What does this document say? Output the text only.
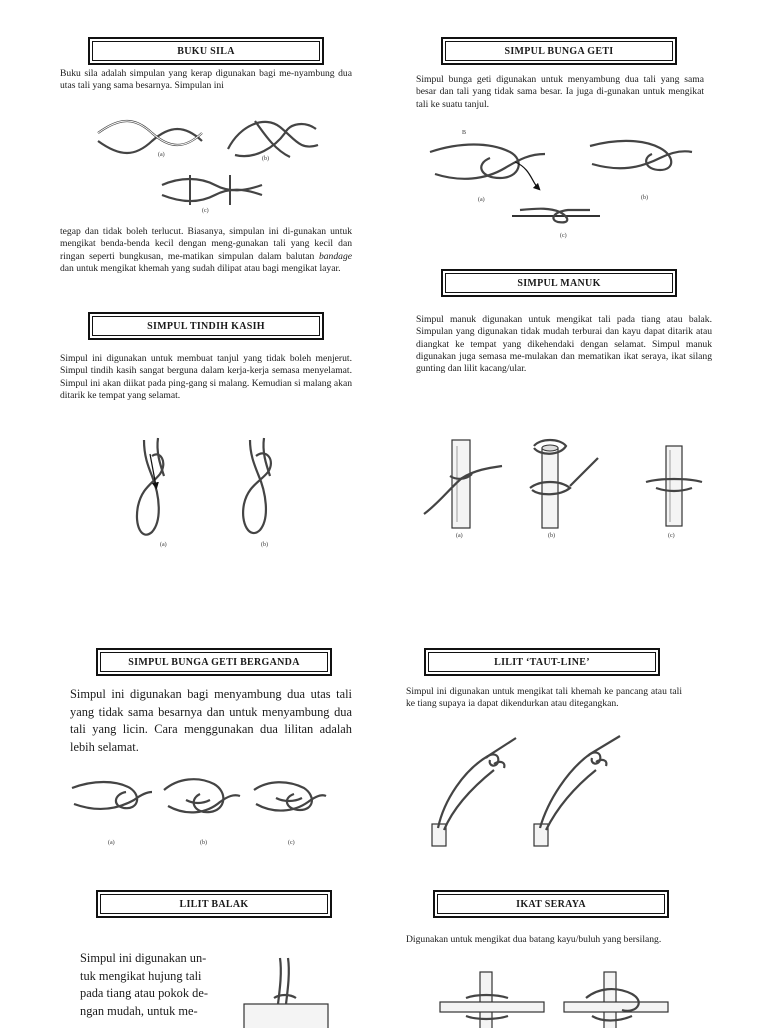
BUKU SILA

Buku sila adalah simpulan yang kerap digunakan bagi me-nyambung dua utas tali yang sama besarnya. Simpulan ini

(a)
(b)
(c)

tegap dan tidak boleh terlucut. Biasanya, simpulan ini di-gunakan untuk mengikat benda-benda kecil dengan meng-gunakan tali yang kecil dan ringan seperti bungkusan, me-matikan simpulan dalam balutan bandage dan untuk mengikat khemah yang sudah dilipat atau bagi mengikat layar.

SIMPUL BUNGA GETI

Simpul bunga geti digunakan untuk menyambung dua tali yang sama besar dan tali yang tidak sama besar. Ia juga di-gunakan untuk mengikat tali ke suatu tanjul.

B
(a)	(b)
(c)
SIMPUL TINDIH KASIH

Simpul ini digunakan untuk membuat tanjul yang tidak boleh menjerut. Simpul tindih kasih sangat berguna dalam kerja-kerja semasa menyelamat. Simpul ini akan diikat pada ping-gang si malang. Kemudian si malang akan ditarik ke tempat yang selamat.

(a)	(b)
SIMPUL MANUK

Simpul manuk digunakan untuk mengikat tali pada tiang atau balak. Simpulan yang digunakan tidak mudah terburai dan kayu dapat ditarik atau diangkat ke tempat yang dikehendaki dengan selamat. Simpul manuk digunakan juga semasa me-mulakan dan mematikan ikat seraya, ikat silang gunting dan lilit kacang/ular.

(a)	(b)	(c)
SIMPUL BUNGA GETI BERGANDA

Simpul ini digunakan bagi menyambung dua utas tali yang tidak sama besarnya dan untuk menyambung dua tali yang licin. Cara menggunakan dua lilitan adalah lebih selamat.

(a)	(b)	(c)
LILIT ‘TAUT-LINE’

Simpul ini digunakan untuk mengikat tali khemah ke pancang atau tali ke tiang supaya ia dapat dikendurkan atau ditegangkan.

LILIT BALAK

Simpul ini digunakan un-tuk mengikat hujung tali pada tiang atau pokok de-ngan mudah, untuk me-

IKAT SERAYA

Digunakan untuk mengikat dua batang kayu/buluh yang bersilang.
